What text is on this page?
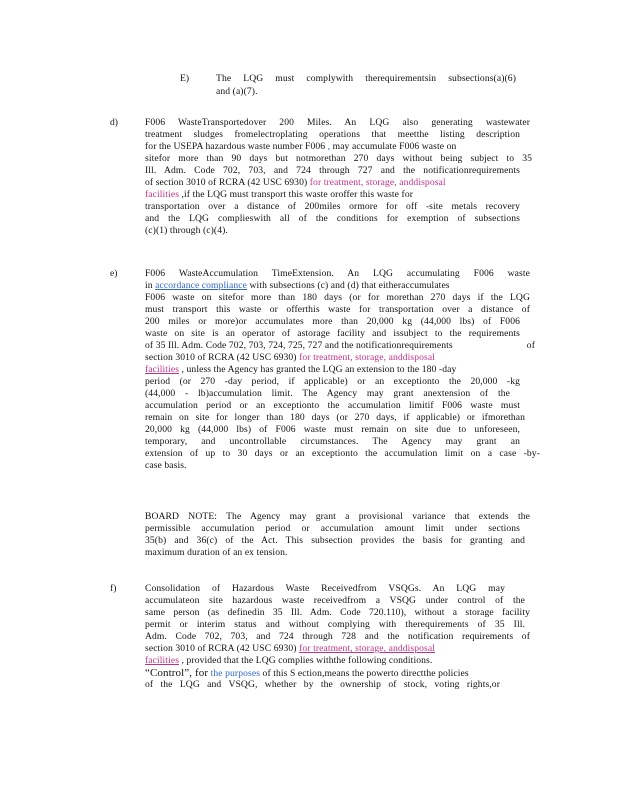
E)	The LQG must complywith therequirementsin subsections(a)(6)
and (a)(7).
d)	F006 WasteTransportedover 200 Miles. An LQG also generating wastewater
treatment sludges fromelectroplating operations that meetthe listing description
for the USEPA hazardous waste number F006 , may accumulate F006 waste on
sitefor more than 90 days but notmorethan 270 days without being subject to 35
Ill. Adm. Code 702, 703, and 724 through 727 and the notificationrequirements
of section 3010 of RCRA (42 USC 6930) for treatment, storage, anddisposal
facilities ,if the LQG must transport this waste oroffer this waste for
transportation over a distance of 200miles ormore for off -site metals recovery
and the LQG complieswith all of the conditions for exemption of subsections
(c)(1) through (c)(4).
e)	F006 WasteAccumulation TimeExtension. An LQG accumulating F006 waste
in accordance compliance with subsections (c) and (d) that eitheraccumulates
F006 waste on sitefor more than 180 days (or for morethan 270 days if the LQG
must transport this waste or offerthis waste for transportation over a distance of
200 miles or more)or accumulates more than 20,000 kg (44,000 lbs) of F006
waste on site is an operator of astorage facility and issubject to the requirements
of 35 Ill. Adm. Code 702, 703, 724, 725, 727 and the notificationrequirements	of
section 3010 of RCRA (42 USC 6930) for treatment, storage, anddisposal
facilities , unless the Agency has granted the LQG an extension to the 180 -day
period (or 270 -day period, if applicable) or an exceptionto the 20,000 -kg
(44,000 - lb)accumulation limit. The Agency may grant anextension of the
accumulation period or an exceptionto the accumulation limitif F006 waste must
remain on site for longer than 180 days (or 270 days, if applicable) or ifmorethan
20,000 kg (44,000 lbs) of F006 waste must remain on site due to unforeseen,
temporary, and uncontrollable circumstances. The Agency may grant an
extension of up to 30 days or an exceptionto the accumulation limit on a case -by-
case basis.
BOARD NOTE: The Agency may grant a provisional variance that extends the
permissible accumulation period or accumulation amount limit under sections
35(b) and 36(c) of the Act. This subsection provides the basis for granting and
maximum duration of an ex tension.
f)	Consolidation of Hazardous Waste Receivedfrom VSQGs. An LQG may
accumulateon site hazardous waste receivedfrom a VSQG under control of the
same person (as definedin 35 Ill. Adm. Code 720.110), without a storage facility
permit or interim status and without complying with therequirements of 35 Ill.
Adm. Code 702, 703, and 724 through 728 and the notification requirements of
section 3010 of RCRA (42 USC 6930) for treatment, storage, anddisposal
facilities , provided that the LQG complies withthe following conditions.
“Control”, for the purposes of this S ection,means the powerto directthe policies
of the LQG and VSQG, whether by the ownership of stock, voting rights,or
